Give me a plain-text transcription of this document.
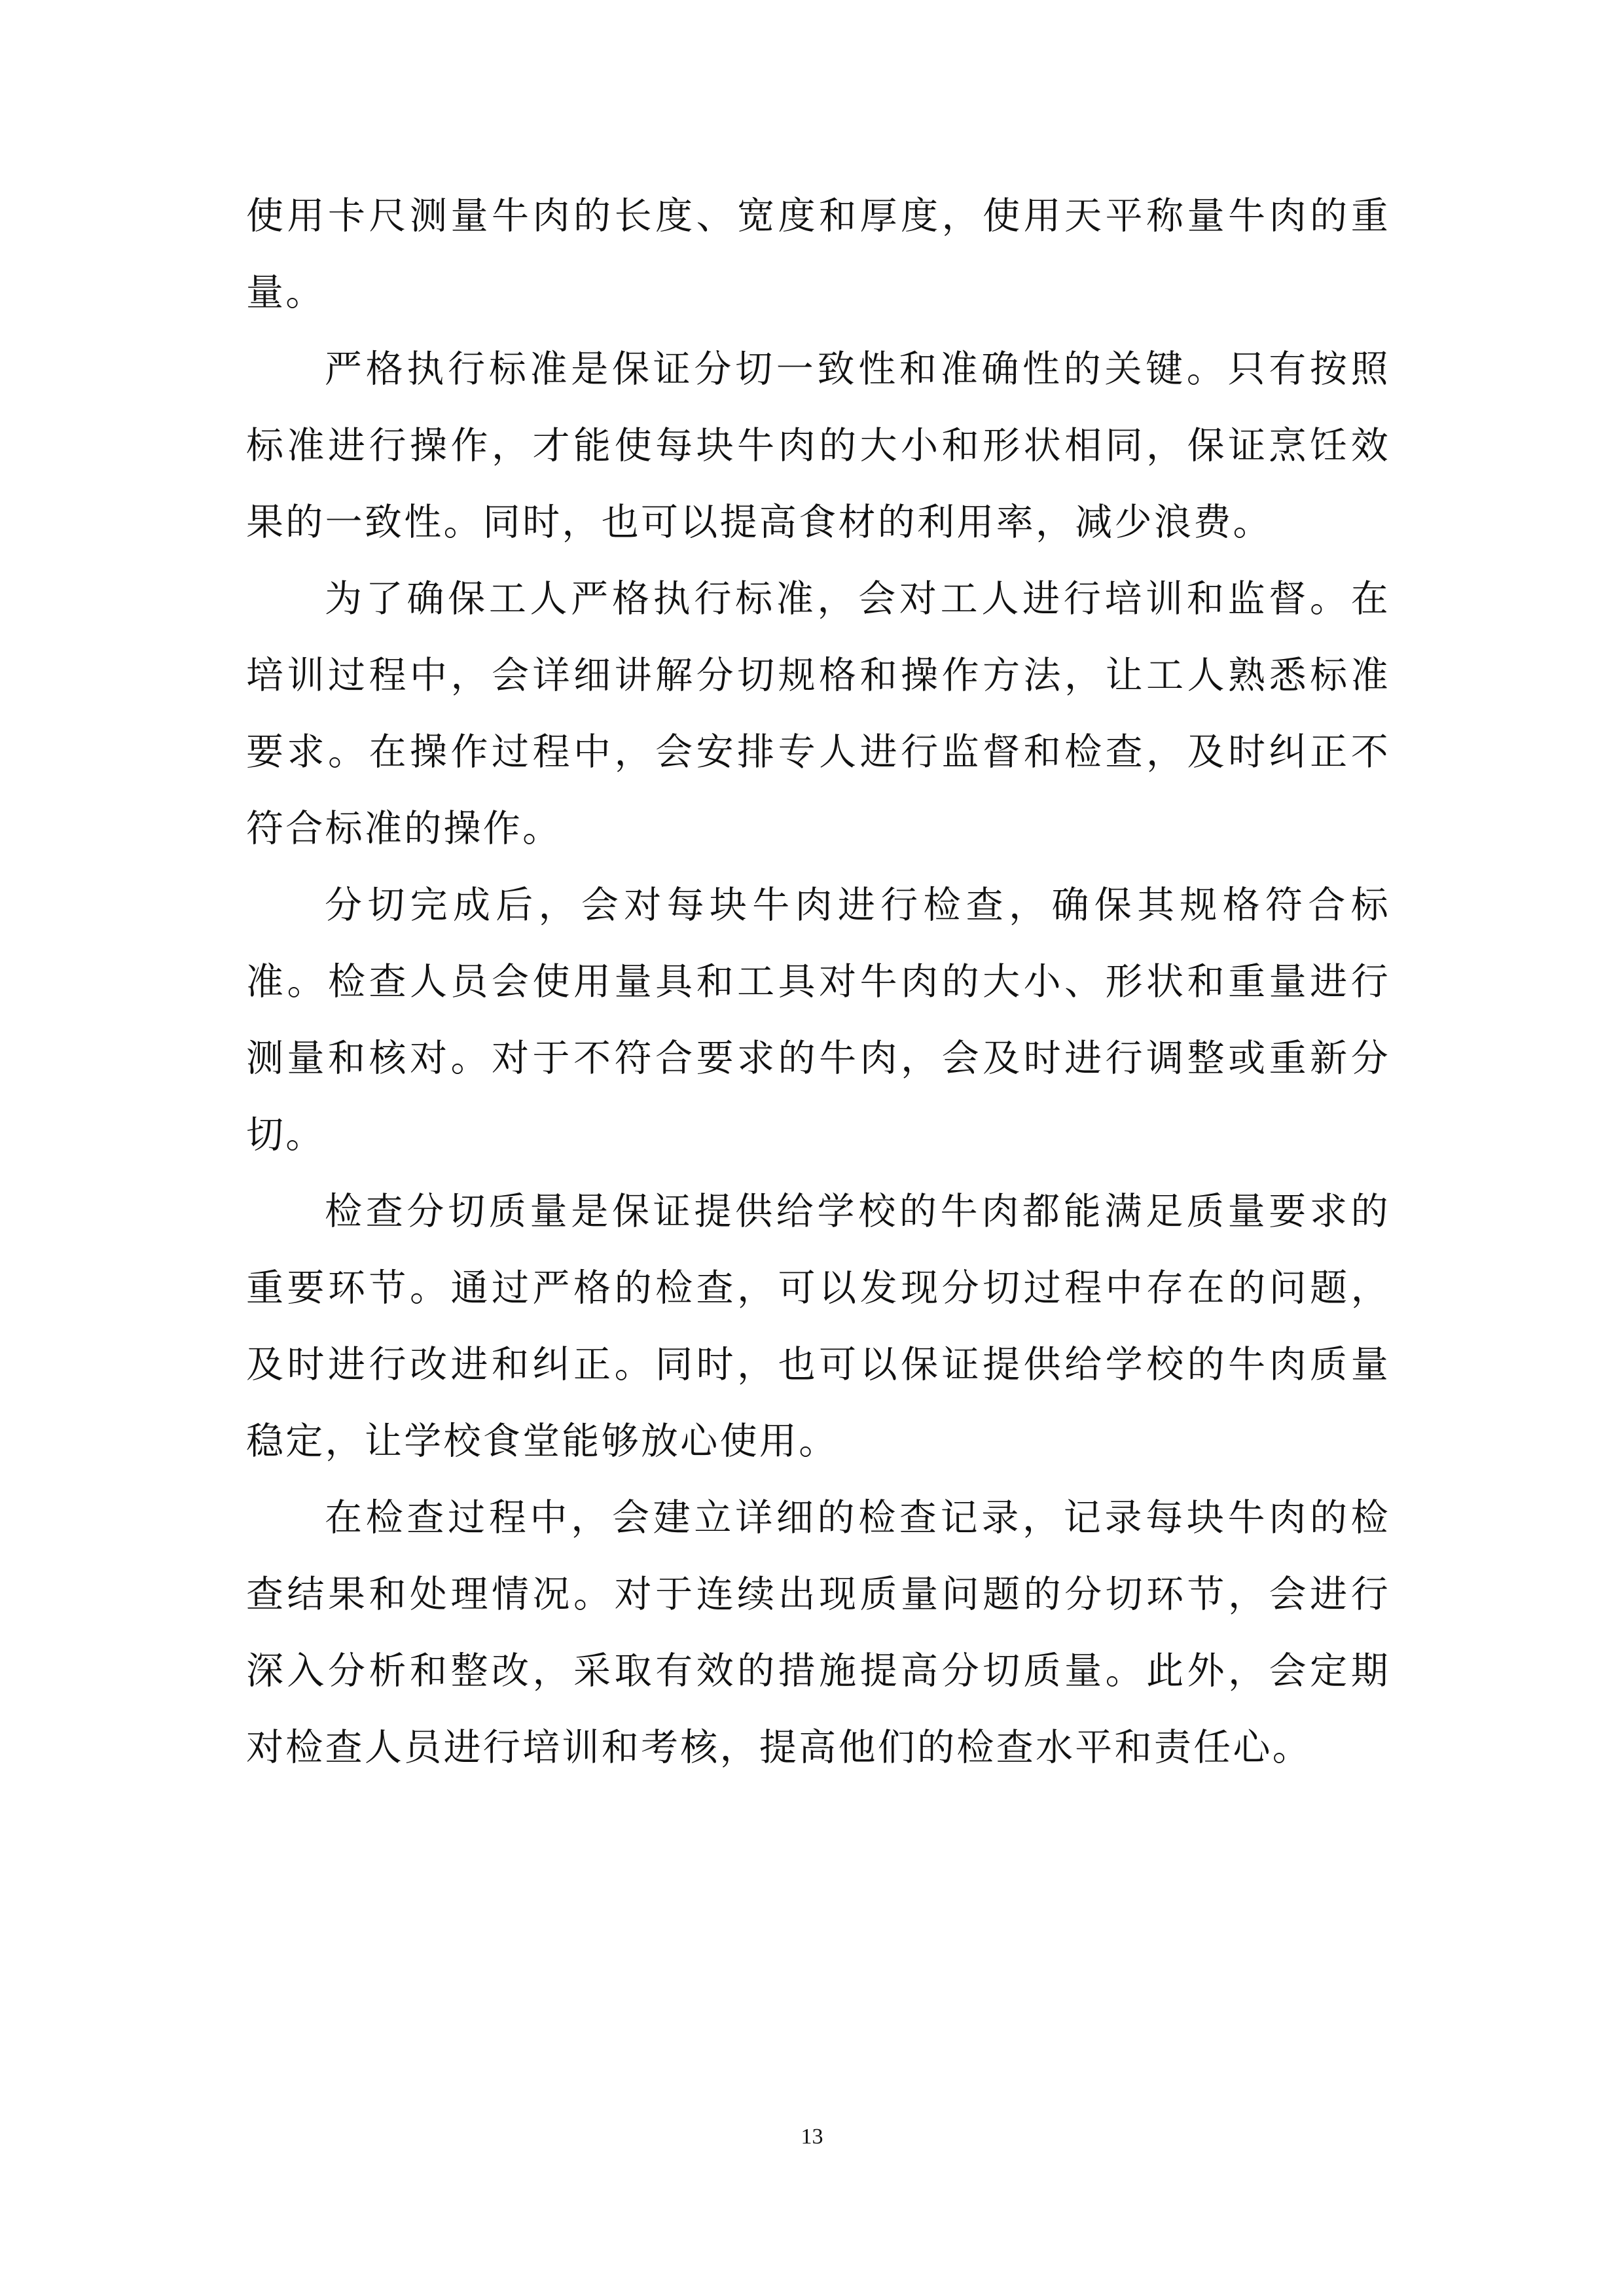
使用卡尺测量牛肉的长度、宽度和厚度，使用天平称量牛肉的重量。

严格执行标准是保证分切一致性和准确性的关键。只有按照标准进行操作，才能使每块牛肉的大小和形状相同，保证烹饪效果的一致性。同时，也可以提高食材的利用率，减少浪费。

为了确保工人严格执行标准，会对工人进行培训和监督。在培训过程中，会详细讲解分切规格和操作方法，让工人熟悉标准要求。在操作过程中，会安排专人进行监督和检查，及时纠正不符合标准的操作。

分切完成后，会对每块牛肉进行检查，确保其规格符合标准。检查人员会使用量具和工具对牛肉的大小、形状和重量进行测量和核对。对于不符合要求的牛肉，会及时进行调整或重新分切。

检查分切质量是保证提供给学校的牛肉都能满足质量要求的重要环节。通过严格的检查，可以发现分切过程中存在的问题，及时进行改进和纠正。同时，也可以保证提供给学校的牛肉质量稳定，让学校食堂能够放心使用。

在检查过程中，会建立详细的检查记录，记录每块牛肉的检查结果和处理情况。对于连续出现质量问题的分切环节，会进行深入分析和整改，采取有效的措施提高分切质量。此外，会定期对检查人员进行培训和考核，提高他们的检查水平和责任心。

13
